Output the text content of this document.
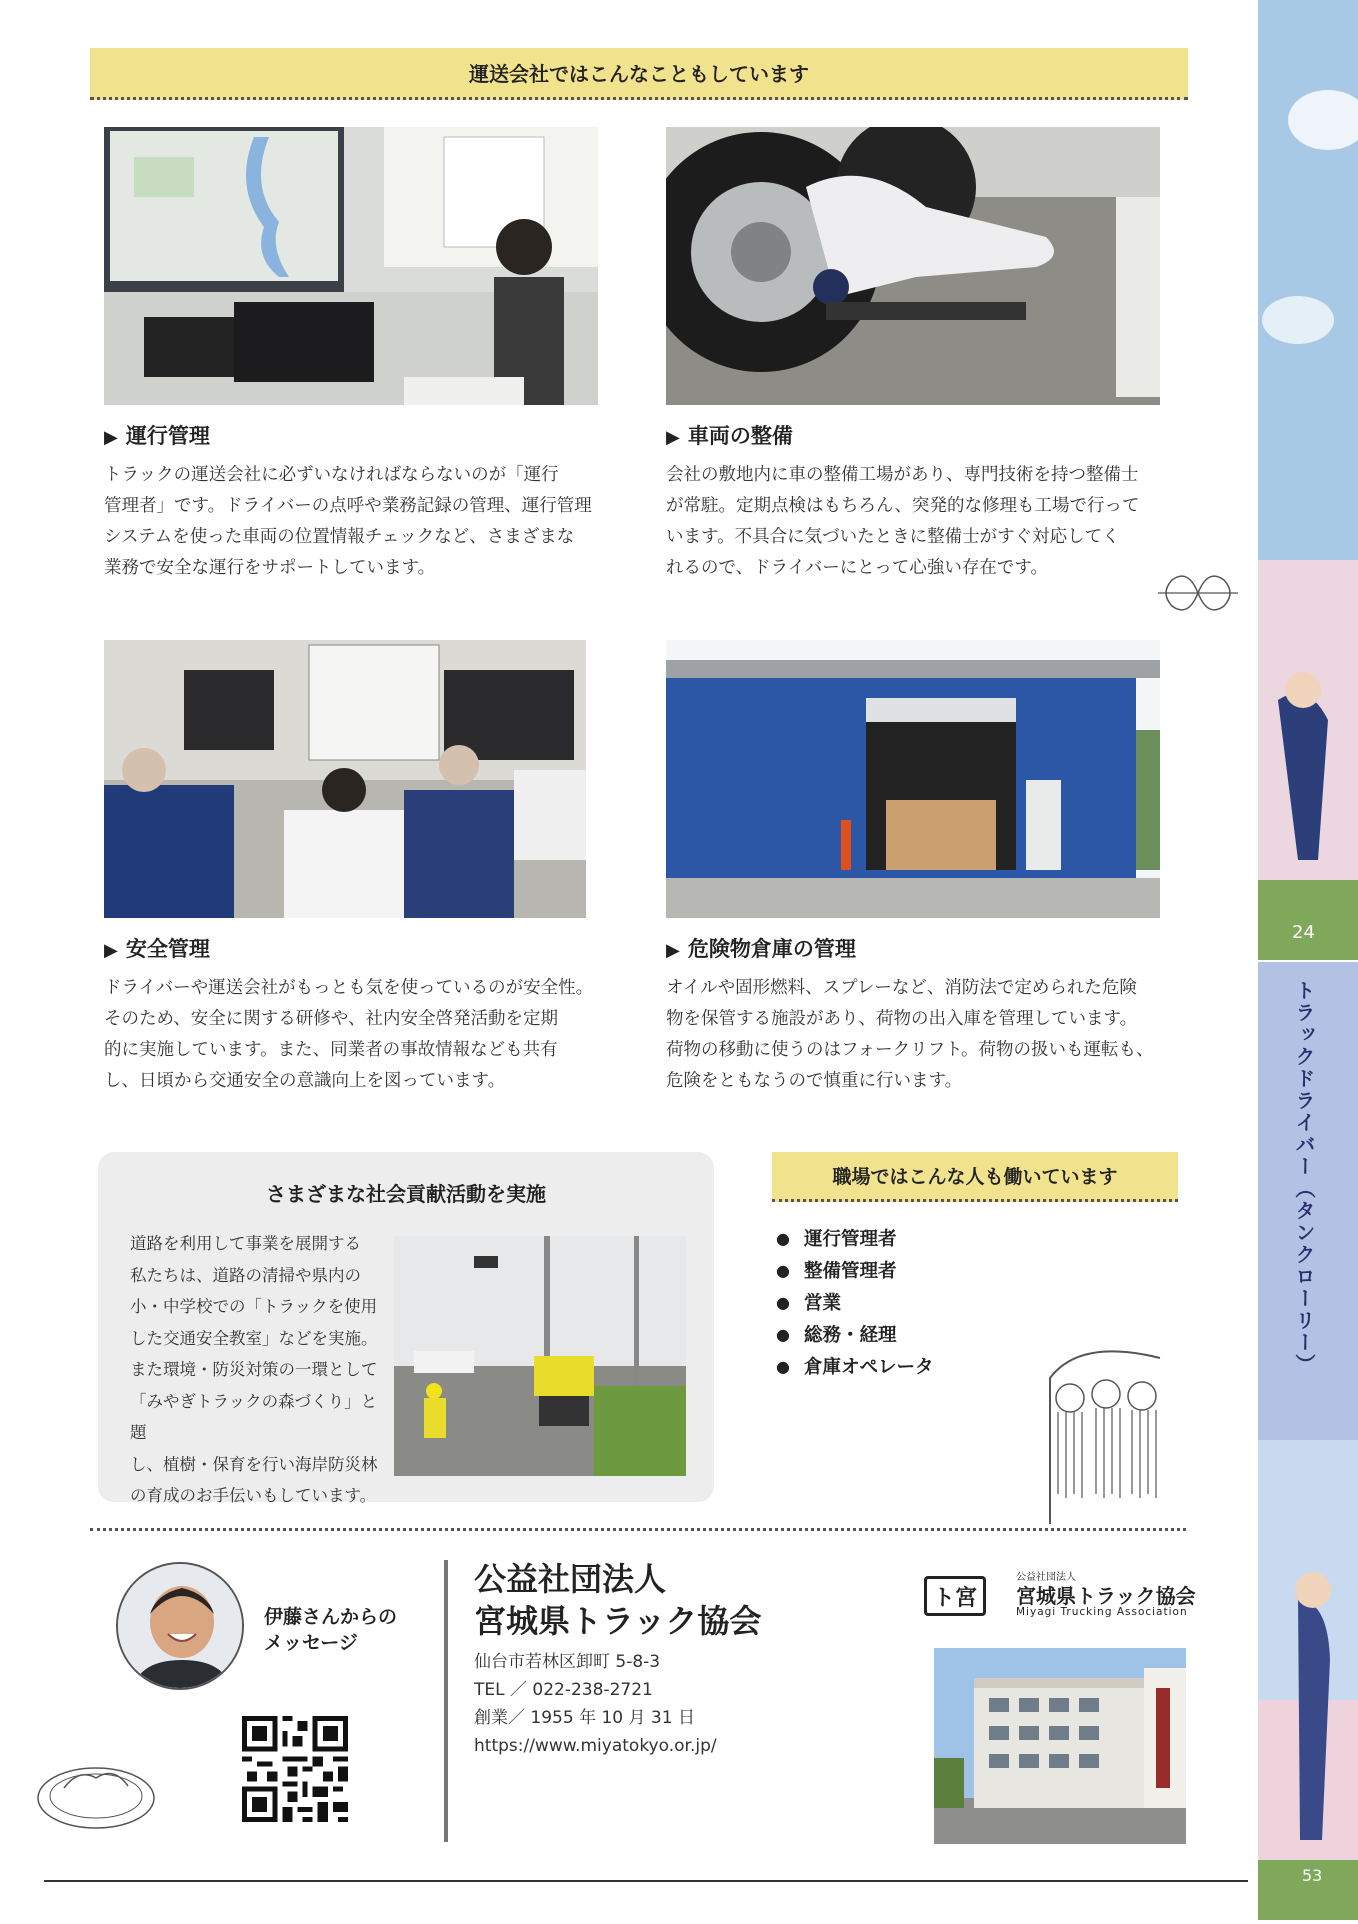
運送会社ではこんなこともしています
▶ 運行管理
トラックの運送会社に必ずいなければならないのが「運行
管理者」です。ドライバーの点呼や業務記録の管理、運行管理
システムを使った車両の位置情報チェックなど、さまざまな
業務で安全な運行をサポートしています。
▶ 車両の整備
会社の敷地内に車の整備工場があり、専門技術を持つ整備士
が常駐。定期点検はもちろん、突発的な修理も工場で行って
います。不具合に気づいたときに整備士がすぐ対応してく
れるので、ドライバーにとって心強い存在です。
▶ 安全管理
ドライバーや運送会社がもっとも気を使っているのが安全性。
そのため、安全に関する研修や、社内安全啓発活動を定期
的に実施しています。また、同業者の事故情報なども共有
し、日頃から交通安全の意識向上を図っています。
▶ 危険物倉庫の管理
オイルや固形燃料、スプレーなど、消防法で定められた危険
物を保管する施設があり、荷物の出入庫を管理しています。
荷物の移動に使うのはフォークリフト。荷物の扱いも運転も、
危険をともなうので慎重に行います。
さまざまな社会貢献活動を実施
道路を利用して事業を展開する
私たちは、道路の清掃や県内の
小・中学校での「トラックを使用
した交通安全教室」などを実施。
また環境・防災対策の一環として
「みやぎトラックの森づくり」と題
し、植樹・保育を行い海岸防災林
の育成のお手伝いもしています。
職場ではこんな人も働いています
● 運行管理者
● 整備管理者
● 営業
● 総務・経理
● 倉庫オペレータ
伊藤さんからの
メッセージ
公益社団法人
宮城県トラック協会
仙台市若林区卸町 5-8-3
TEL ／ 022-238-2721
創業／ 1955 年 10 月 31 日
https://www.miyatokyo.or.jp/
ト宮
公益社団法人
宮城県トラック協会
Miyagi Trucking Association
24
53
トラックドライバー（タンクローリー）
